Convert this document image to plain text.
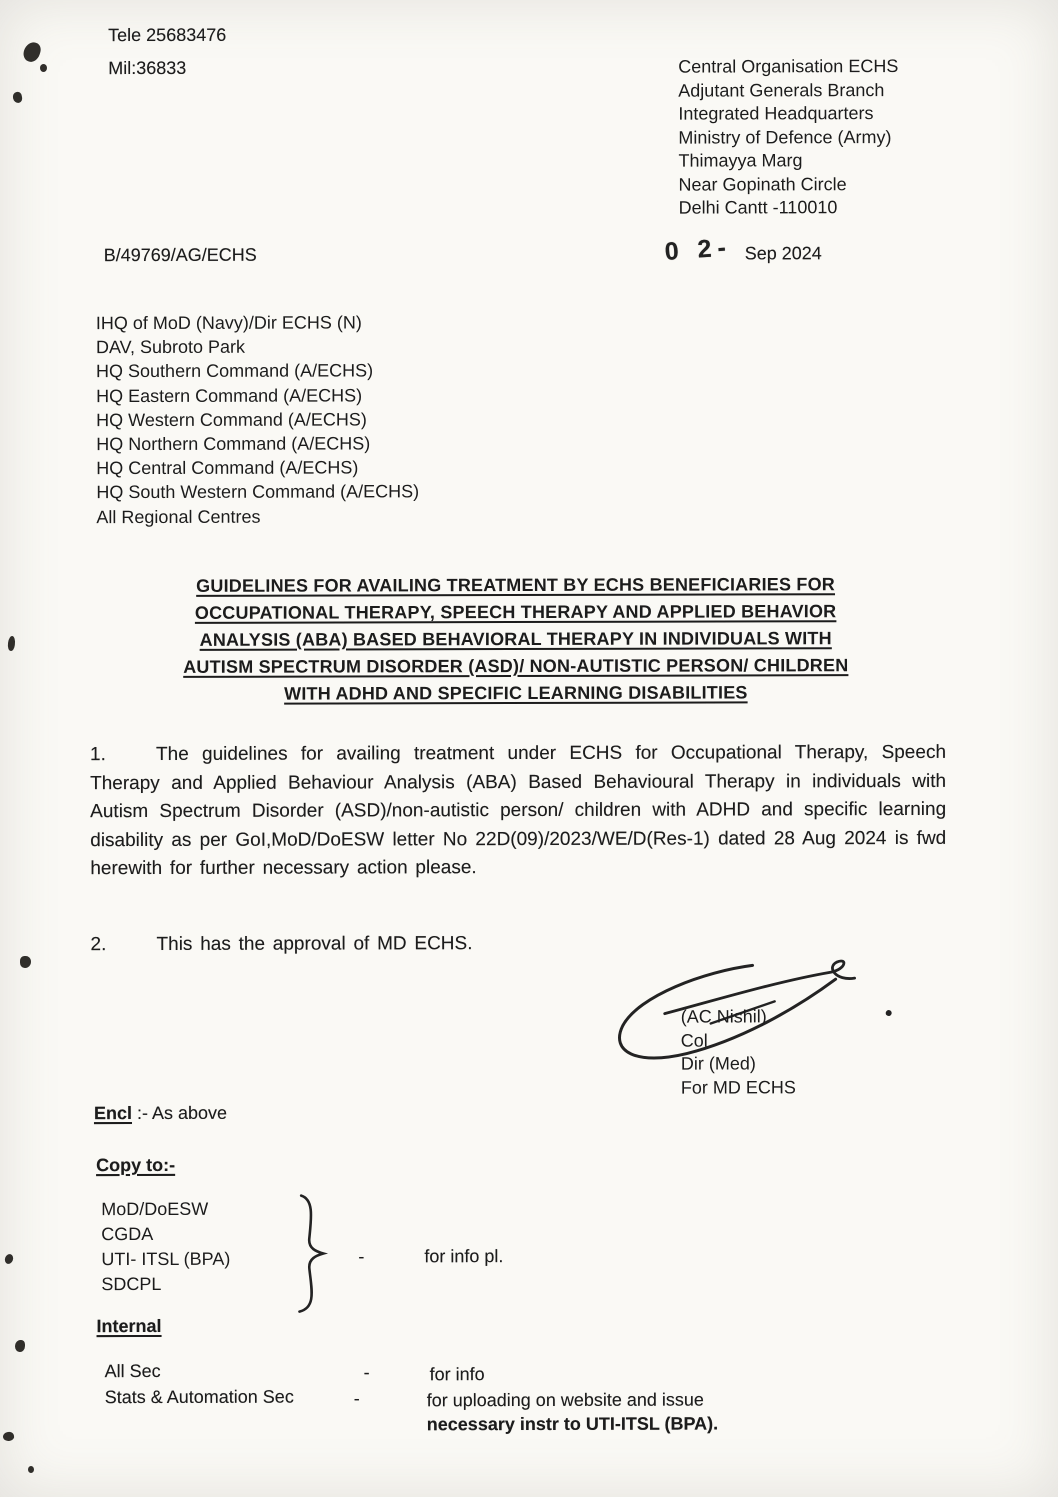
Tele 25683476
Mil:36833	Central Organisation ECHS
Adjutant Generals Branch
Integrated Headquarters
Ministry of Defence (Army)
Thimayya Marg
Near Gopinath Circle
Delhi Cantt -110010
B/49769/AG/ECHS	0 2- Sep 2024
IHQ of MoD (Navy)/Dir ECHS (N)
DAV, Subroto Park
HQ Southern Command (A/ECHS)
HQ Eastern Command (A/ECHS)
HQ Western Command (A/ECHS)
HQ Northern Command (A/ECHS)
HQ Central Command (A/ECHS)
HQ South Western Command (A/ECHS)
All Regional Centres
GUIDELINES FOR AVAILING TREATMENT BY ECHS BENEFICIARIES FOR
OCCUPATIONAL THERAPY, SPEECH THERAPY AND APPLIED BEHAVIOR
ANALYSIS (ABA) BASED BEHAVIORAL THERAPY IN INDIVIDUALS WITH
AUTISM SPECTRUM DISORDER (ASD)/ NON-AUTISTIC PERSON/ CHILDREN
WITH ADHD AND SPECIFIC LEARNING DISABILITIES
1.	The guidelines for availing treatment under ECHS for Occupational Therapy, Speech Therapy and Applied Behaviour Analysis (ABA) Based Behavioural Therapy in individuals with Autism Spectrum Disorder (ASD)/non-autistic person/ children with ADHD and specific learning disability as per GoI,MoD/DoESW letter No 22D(09)/2023/WE/D(Res-1) dated 28 Aug 2024 is fwd herewith for further necessary action please.
2.	This has the approval of MD ECHS.
(AC Nishil)
Col
Dir (Med)
For MD ECHS
Encl :- As above
Copy to:-
MoD/DoESW
CGDA
UTI- ITSL (BPA)
SDCPL
-	for info pl.
Internal
All Sec	-	for info
Stats & Automation Sec	-	for uploading on website and issue
necessary instr to UTI-ITSL (BPA).
